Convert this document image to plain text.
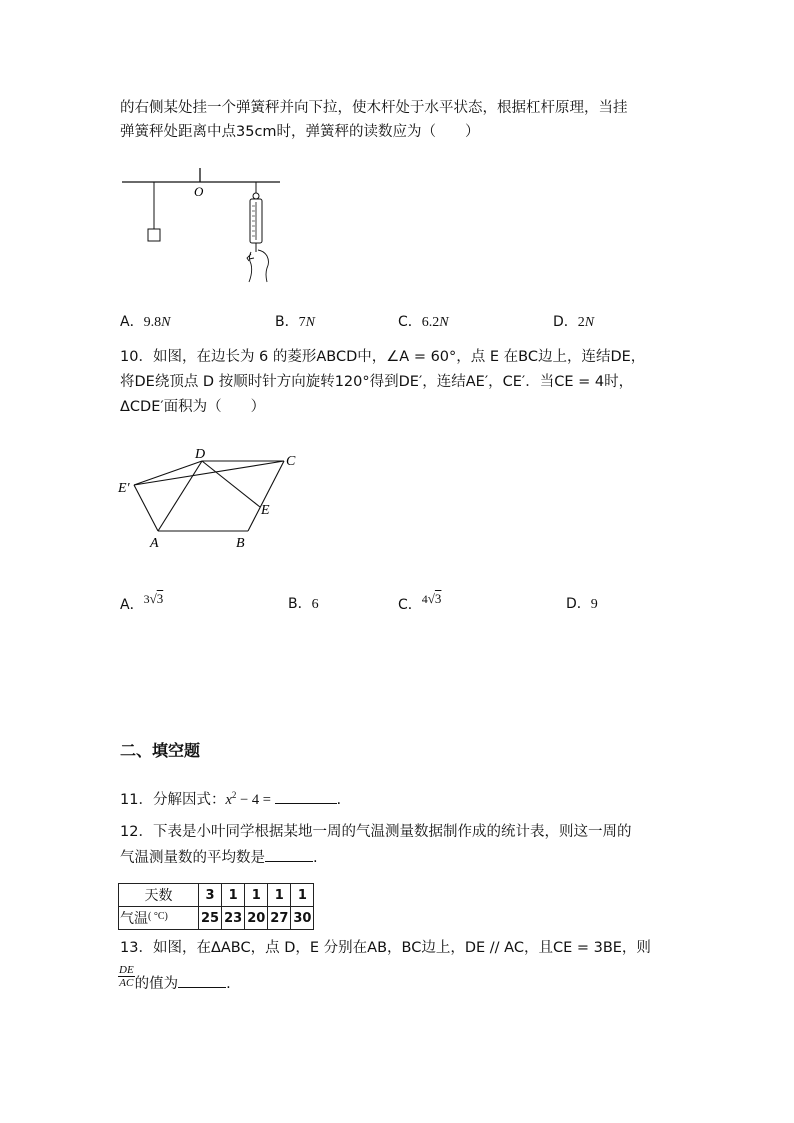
的右侧某处挂一个弹簧秤并向下拉，使木杆处于水平状态，根据杠杆原理，当挂
弹簧秤处距离中点35cm时，弹簧秤的读数应为（　　）
O
A．9.8N	B．7N	C．6.2N	D．2N
10．如图，在边长为 6 的菱形ABCD中，∠A = 60°，点 E 在BC边上，连结DE，
将DE绕顶点 D 按顺时针方向旋转120°得到DE′，连结AE′，CE′．当CE = 4时，
ΔCDE′面积为（　　）
D	C
E′
E
A	B
A．3√3	B．6	C．4√3	D．9
二、填空题
11．分解因式：$x^2 - 4$ =	.
12．下表是小叶同学根据某地一周的气温测量数据制作成的统计表，则这一周的
气温测量数的平均数是	.
天数	3	1	1	1	1
气温$^{( ^\circ C)}$	25	23	20	27	30
13．如图，在ΔABC，点 D，E 分别在AB，BC边上，DE // AC，且CE = 3BE，则
$\frac{DE}{AC}$ 的值为	.
